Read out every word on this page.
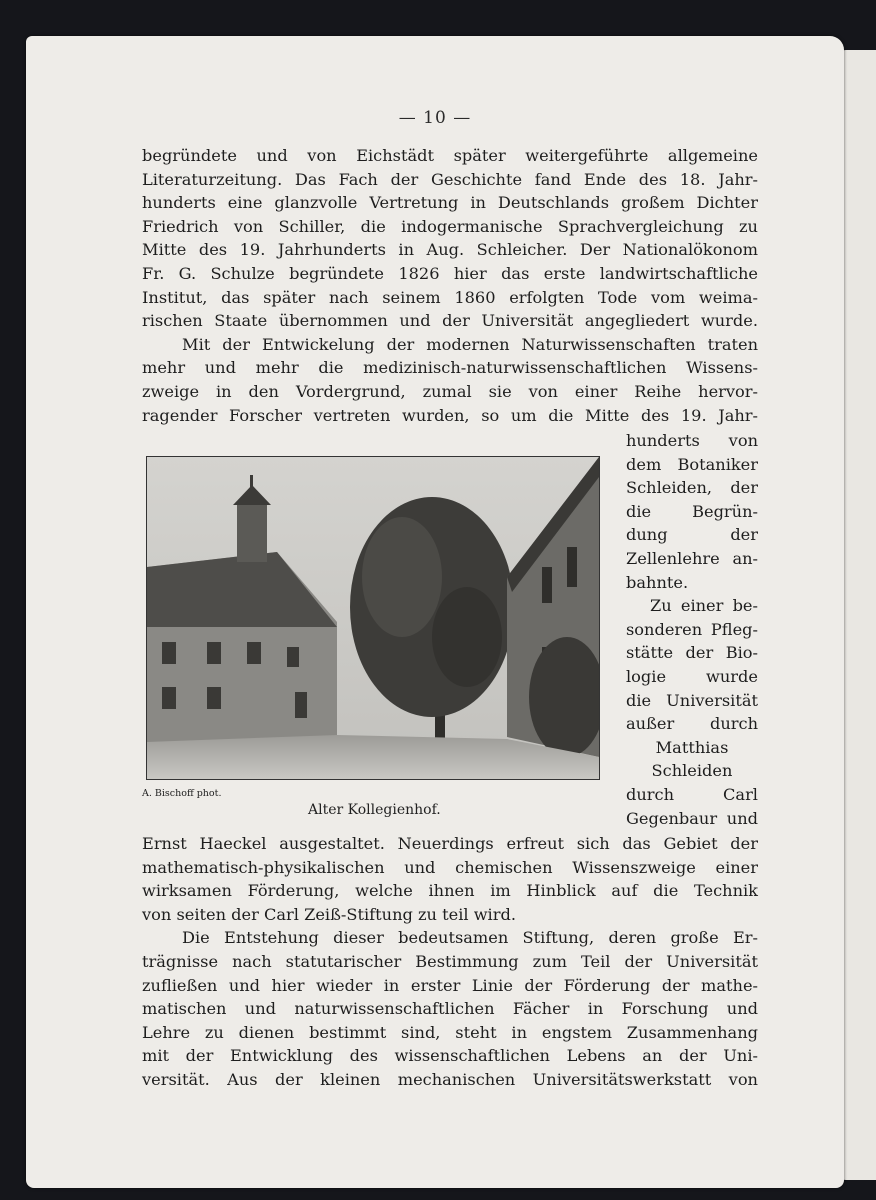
— 10 —
begründete und von Eichstädt später weitergeführte allgemeine
Literaturzeitung. Das Fach der Geschichte fand Ende des 18. Jahr-
hunderts eine glanzvolle Vertretung in Deutschlands großem Dichter
Friedrich von Schiller, die indogermanische Sprachvergleichung zu
Mitte des 19. Jahrhunderts in Aug. Schleicher. Der Nationalökonom
Fr. G. Schulze begründete 1826 hier das erste landwirtschaftliche
Institut, das später nach seinem 1860 erfolgten Tode vom weima-
rischen Staate übernommen und der Universität angegliedert wurde.
Mit der Entwickelung der modernen Naturwissenschaften traten
mehr und mehr die medizinisch-naturwissenschaftlichen Wissens-
zweige in den Vordergrund, zumal sie von einer Reihe hervor-
ragender Forscher vertreten wurden, so um die Mitte des 19. Jahr-
A. Bischoff phot.
Alter Kollegienhof.
hunderts von
dem Botaniker
Schleiden, der
die Begrün-
dung der
Zellenlehre an-
bahnte.
Zu einer be-
sonderen Pfleg-
stätte der Bio-
logie wurde
die Universität
außer durch
Matthias
Schleiden
durch Carl
Gegenbaur und
Ernst Haeckel ausgestaltet. Neuerdings erfreut sich das Gebiet der
mathematisch-physikalischen und chemischen Wissenszweige einer
wirksamen Förderung, welche ihnen im Hinblick auf die Technik
von seiten der Carl Zeiß-Stiftung zu teil wird.
Die Entstehung dieser bedeutsamen Stiftung, deren große Er-
trägnisse nach statutarischer Bestimmung zum Teil der Universität
zufließen und hier wieder in erster Linie der Förderung der mathe-
matischen und naturwissenschaftlichen Fächer in Forschung und
Lehre zu dienen bestimmt sind, steht in engstem Zusammenhang
mit der Entwicklung des wissenschaftlichen Lebens an der Uni-
versität. Aus der kleinen mechanischen Universitätswerkstatt von
